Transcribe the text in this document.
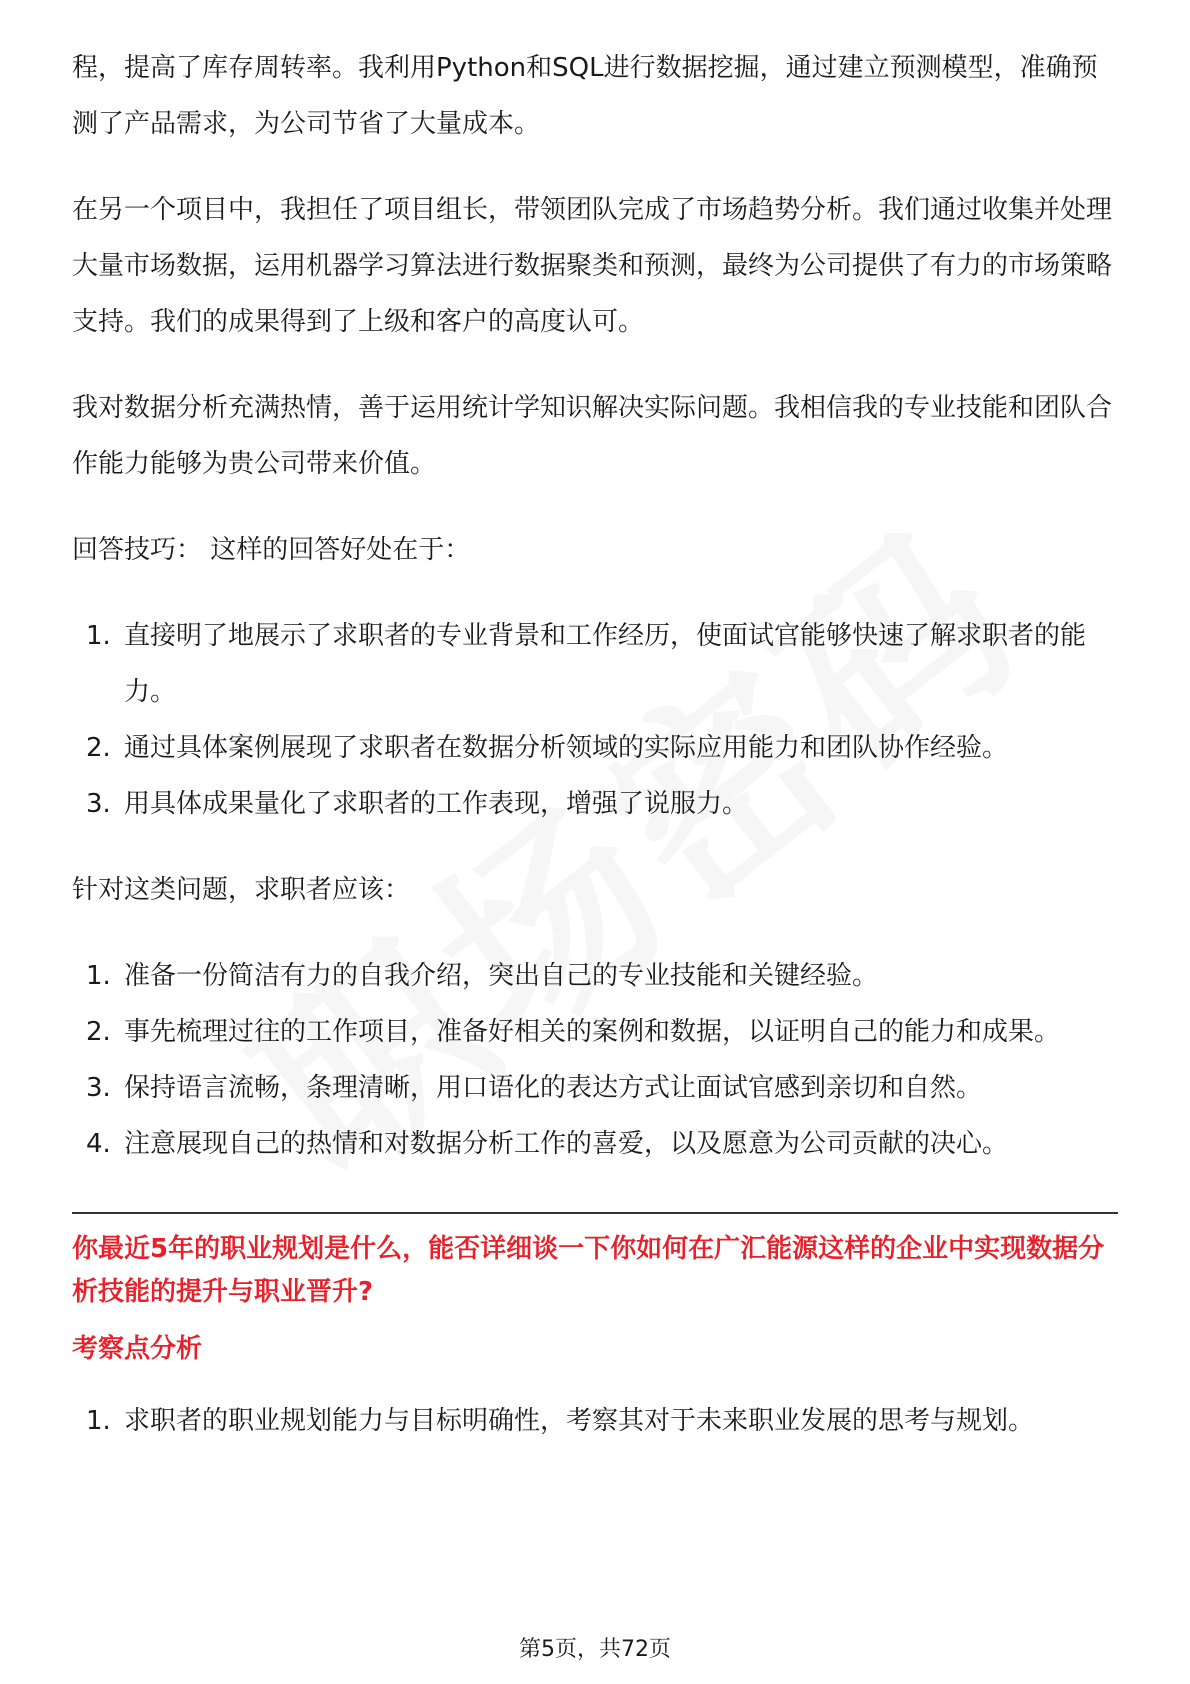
程，提高了库存周转率。我利用Python和SQL进行数据挖掘，通过建立预测模型，准确预测了产品需求，为公司节省了大量成本。

在另一个项目中，我担任了项目组长，带领团队完成了市场趋势分析。我们通过收集并处理大量市场数据，运用机器学习算法进行数据聚类和预测，最终为公司提供了有力的市场策略支持。我们的成果得到了上级和客户的高度认可。

我对数据分析充满热情，善于运用统计学知识解决实际问题。我相信我的专业技能和团队合作能力能够为贵公司带来价值。

回答技巧： 这样的回答好处在于：

1. 直接明了地展示了求职者的专业背景和工作经历，使面试官能够快速了解求职者的能力。
2. 通过具体案例展现了求职者在数据分析领域的实际应用能力和团队协作经验。
3. 用具体成果量化了求职者的工作表现，增强了说服力。

针对这类问题，求职者应该：

1. 准备一份简洁有力的自我介绍，突出自己的专业技能和关键经验。
2. 事先梳理过往的工作项目，准备好相关的案例和数据，以证明自己的能力和成果。
3. 保持语言流畅，条理清晰，用口语化的表达方式让面试官感到亲切和自然。
4. 注意展现自己的热情和对数据分析工作的喜爱，以及愿意为公司贡献的决心。
你最近5年的职业规划是什么，能否详细谈一下你如何在广汇能源这样的企业中实现数据分析技能的提升与职业晋升?
考察点分析
1. 求职者的职业规划能力与目标明确性，考察其对于未来职业发展的思考与规划。
第5页，共72页
